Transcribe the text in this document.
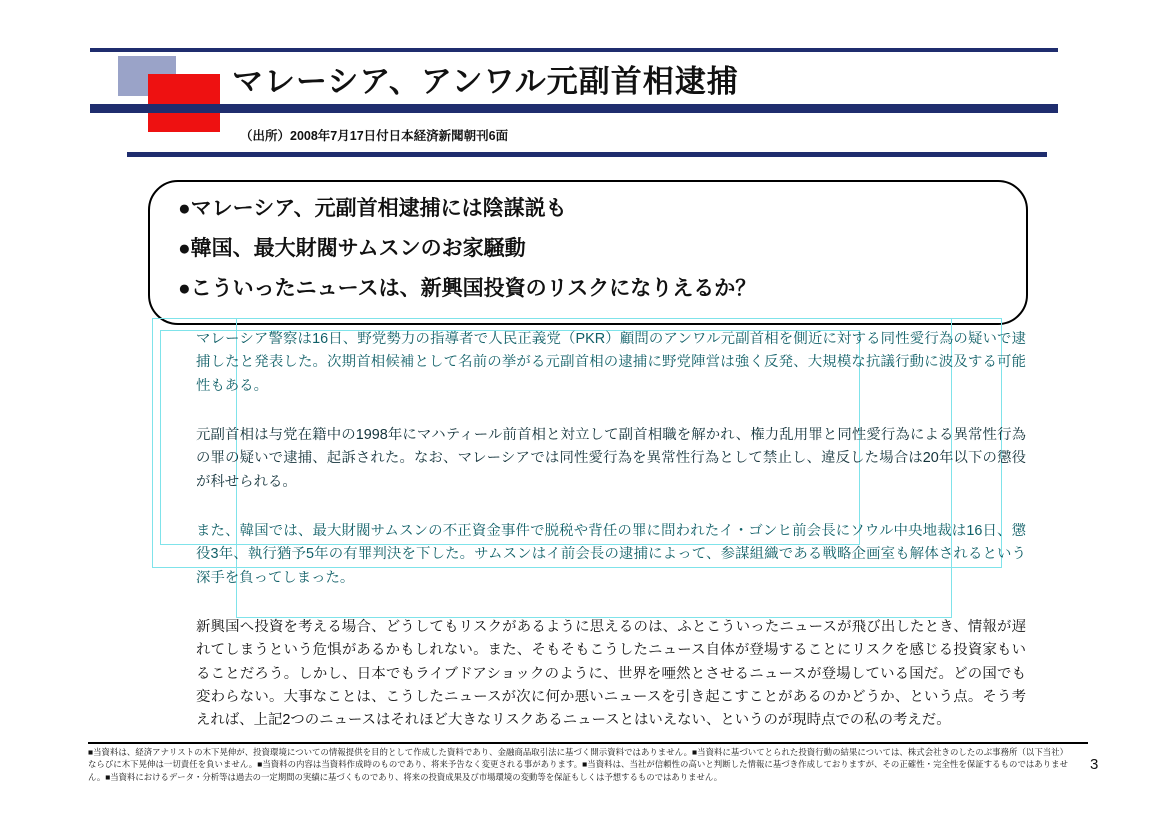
マレーシア、アンワル元副首相逮捕
（出所）2008年7月17日付日本経済新聞朝刊6面
●マレーシア、元副首相逮捕には陰謀説も
●韓国、最大財閥サムスンのお家騒動
●こういったニュースは、新興国投資のリスクになりえるか？

マレーシア警察は16日、野党勢力の指導者で人民正義党（PKR）顧問のアンワル元副首相を側近に対する同性愛行為の疑いで逮捕したと発表した。次期首相候補として名前の挙がる元副首相の逮捕に野党陣営は強く反発、大規模な抗議行動に波及する可能性もある。

元副首相は与党在籍中の1998年にマハティール前首相と対立して副首相職を解かれ、権力乱用罪と同性愛行為による異常性行為の罪の疑いで逮捕、起訴された。なお、マレーシアでは同性愛行為を異常性行為として禁止し、違反した場合は20年以下の懲役が科せられる。

また、韓国では、最大財閥サムスンの不正資金事件で脱税や背任の罪に問われたイ・ゴンヒ前会長にソウル中央地裁は16日、懲役3年、執行猶予5年の有罪判決を下した。サムスンはイ前会長の逮捕によって、参謀組織である戦略企画室も解体されるという深手を負ってしまった。

新興国へ投資を考える場合、どうしてもリスクがあるように思えるのは、ふとこういったニュースが飛び出したとき、情報が遅れてしまうという危惧があるかもしれない。また、そもそもこうしたニュース自体が登場することにリスクを感じる投資家もいることだろう。しかし、日本でもライブドアショックのように、世界を唖然とさせるニュースが登場している国だ。どの国でも変わらない。大事なことは、こうしたニュースが次に何か悪いニュースを引き起こすことがあるのかどうか、という点。そう考えれば、上記2つのニュースはそれほど大きなリスクあるニュースとはいえない、というのが現時点での私の考えだ。

■当資料は、経済アナリストの木下晃伸が、投資環境についての情報提供を目的として作成した資料であり、金融商品取引法に基づく開示資料ではありません。■当資料に基づいてとられた投資行動の結果については、株式会社きのしたのぶ事務所（以下当社）ならびに木下晃伸は一切責任を負いません。■当資料の内容は当資料作成時のものであり、将来予告なく変更される事があります。■当資料は、当社が信頼性の高いと判断した情報に基づき作成しておりますが、その正確性・完全性を保証するものではありません。■当資料におけるデータ・分析等は過去の一定期間の実績に基づくものであり、将来の投資成果及び市場環境の変動等を保証もしくは予想するものではありません。
3
